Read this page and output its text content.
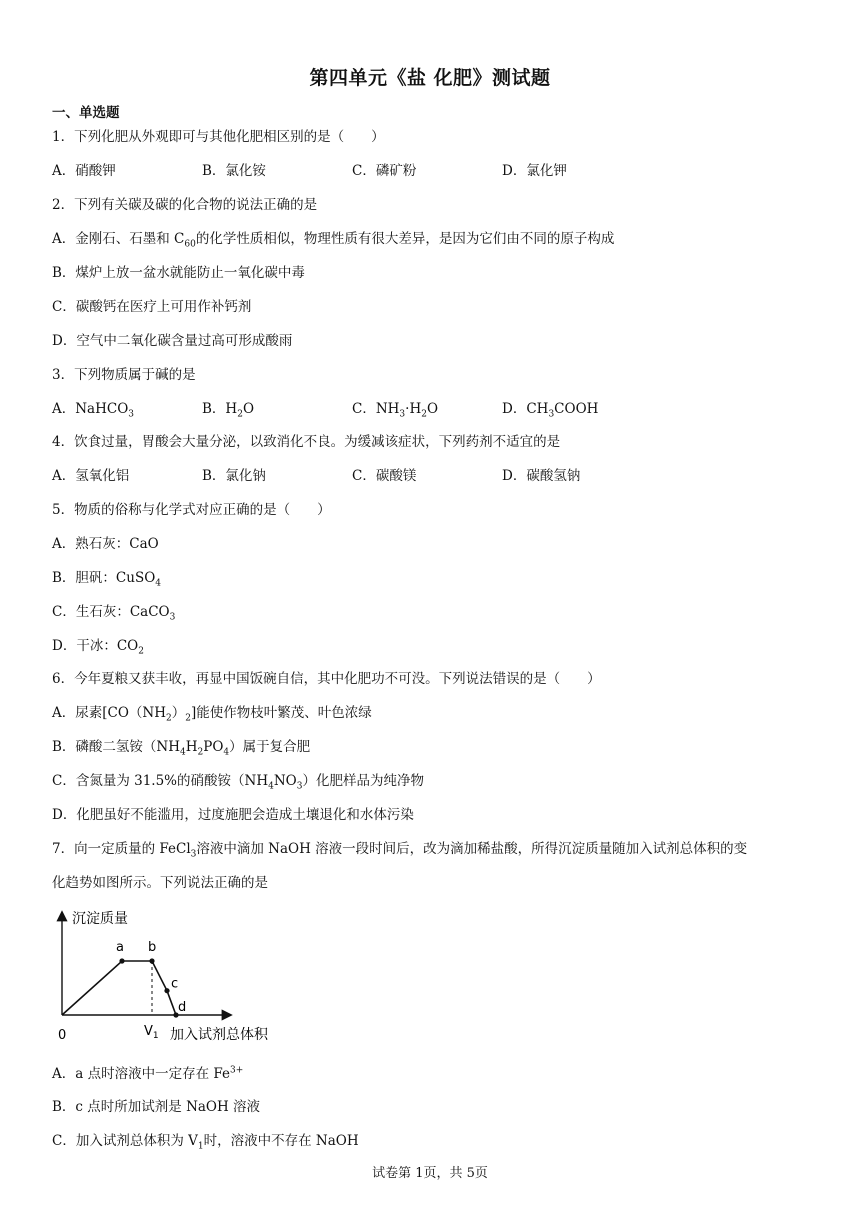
第四单元《盐 化肥》测试题
一、单选题
1．下列化肥从外观即可与其他化肥相区别的是（　　）
A．硝酸钾	B．氯化铵	C．磷矿粉	D．氯化钾
2．下列有关碳及碳的化合物的说法正确的是
A．金刚石、石墨和 $C_{60}$的化学性质相似，物理性质有很大差异，是因为它们由不同的原子构成
B．煤炉上放一盆水就能防止一氧化碳中毒
C．碳酸钙在医疗上可用作补钙剂
D．空气中二氧化碳含量过高可形成酸雨
3．下列物质属于碱的是
A．NaHCO$_3$	B．$H_2O$	C．$NH_3\cdot H_2O$	D．$CH_3COOH$
4．饮食过量，胃酸会大量分泌，以致消化不良。为缓减该症状，下列药剂不适宜的是
A．氢氧化铝	B．氯化钠	C．碳酸镁	D．碳酸氢钠
5．物质的俗称与化学式对应正确的是（　　）
A．熟石灰：CaO
B．胆矾：CuSO$_4$
C．生石灰：CaCO$_3$
D．干冰：$CO_2$
6．今年夏粮又获丰收，再显中国饭碗自信，其中化肥功不可没。下列说法错误的是（　　）
A．尿素$[CO(NH_2)_2]$能使作物枝叶繁茂、叶色浓绿
B．磷酸二氢铵$(NH_4H_2PO_4)$属于复合肥
C．含氮量为 31.5%的硝酸铵$(NH_4NO_3)$化肥样品为纯净物
D．化肥虽好不能滥用，过度施肥会造成土壤退化和水体污染
7．向一定质量的 FeCl$_3$溶液中滴加 NaOH 溶液一段时间后，改为滴加稀盐酸，所得沉淀质量随加入试剂总体积的变
化趋势如图所示。下列说法正确的是
沉淀质量
加入试剂总体积
0	$V_1$
a b
c
d
A．a 点时溶液中一定存在 $Fe^{3+}$
B．c 点时所加试剂是 NaOH 溶液
C．加入试剂总体积为 $V_1$时，溶液中不存在 NaOH
试卷第 1页，共 5页
